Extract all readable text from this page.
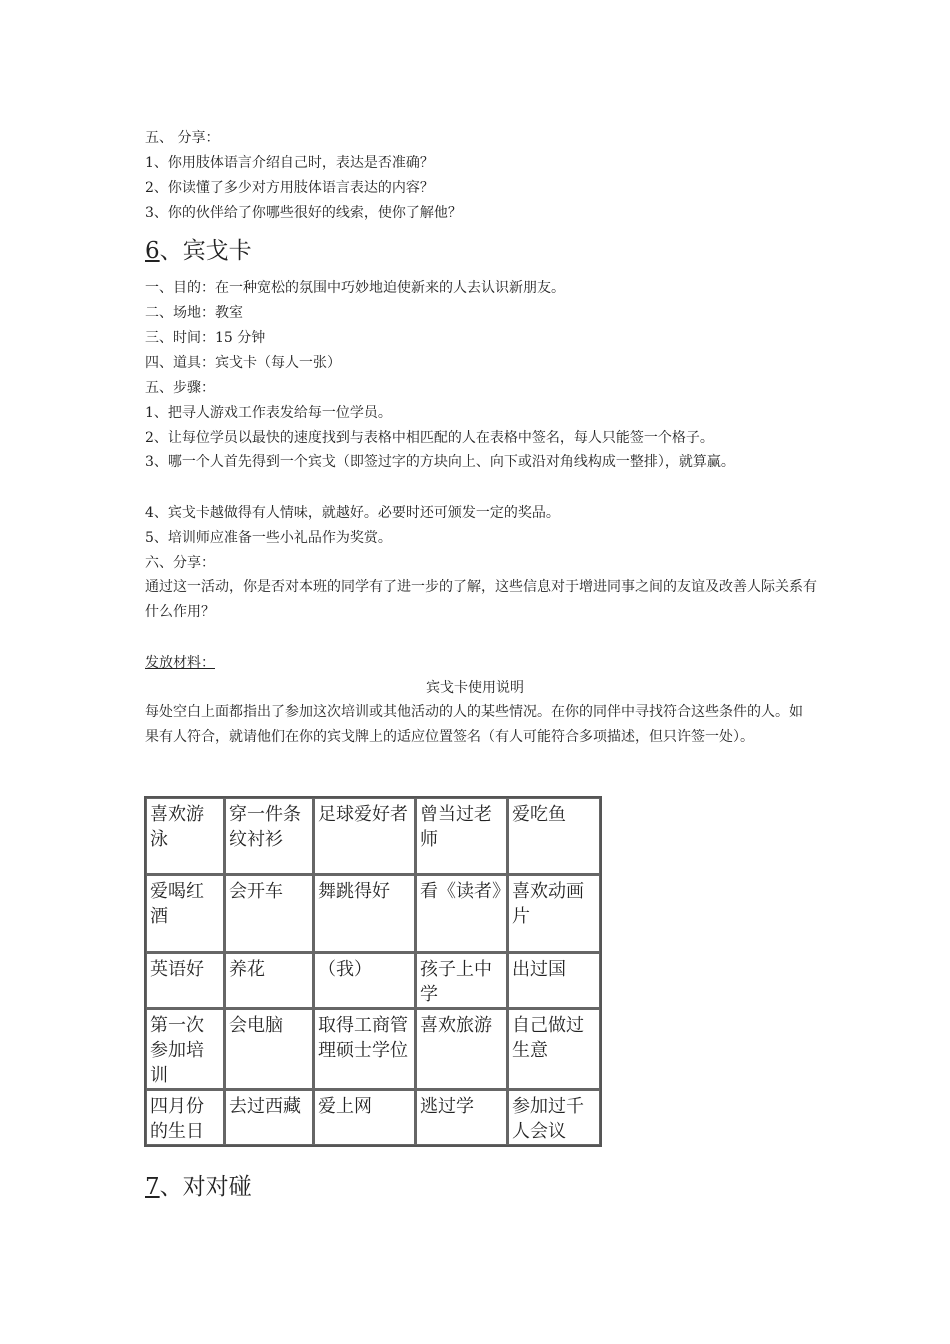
五、 分享：
1、你用肢体语言介绍自己时，表达是否准确？
2、你读懂了多少对方用肢体语言表达的内容？
3、你的伙伴给了你哪些很好的线索，使你了解他？
6、宾戈卡
一、目的：在一种宽松的氛围中巧妙地迫使新来的人去认识新朋友。
二、场地：教室
三、时间：15 分钟
四、道具：宾戈卡（每人一张）
五、步骤：
1、把寻人游戏工作表发给每一位学员。
2、让每位学员以最快的速度找到与表格中相匹配的人在表格中签名，每人只能签一个格子。
3、哪一个人首先得到一个宾戈（即签过字的方块向上、向下或沿对角线构成一整排），就算赢。
4、宾戈卡越做得有人情味，就越好。必要时还可颁发一定的奖品。
5、培训师应准备一些小礼品作为奖赏。
六、分享：
通过这一活动，你是否对本班的同学有了进一步的了解，这些信息对于增进同事之间的友谊及改善人际关系有什么作用？
发放材料：
宾戈卡使用说明
每处空白上面都指出了参加这次培训或其他活动的人的某些情况。在你的同伴中寻找符合这些条件的人。如果有人符合，就请他们在你的宾戈牌上的适应位置签名（有人可能符合多项描述，但只许签一处）。
喜欢游泳	穿一件条纹衬衫	足球爱好者	曾当过老师	爱吃鱼
爱喝红酒	会开车	舞跳得好	看《读者》	喜欢动画片
英语好	养花	（我）	孩子上中学	出过国
第一次参加培训	会电脑	取得工商管理硕士学位	喜欢旅游	自己做过生意
四月份的生日	去过西藏	爱上网	逃过学	参加过千人会议
7、对对碰
